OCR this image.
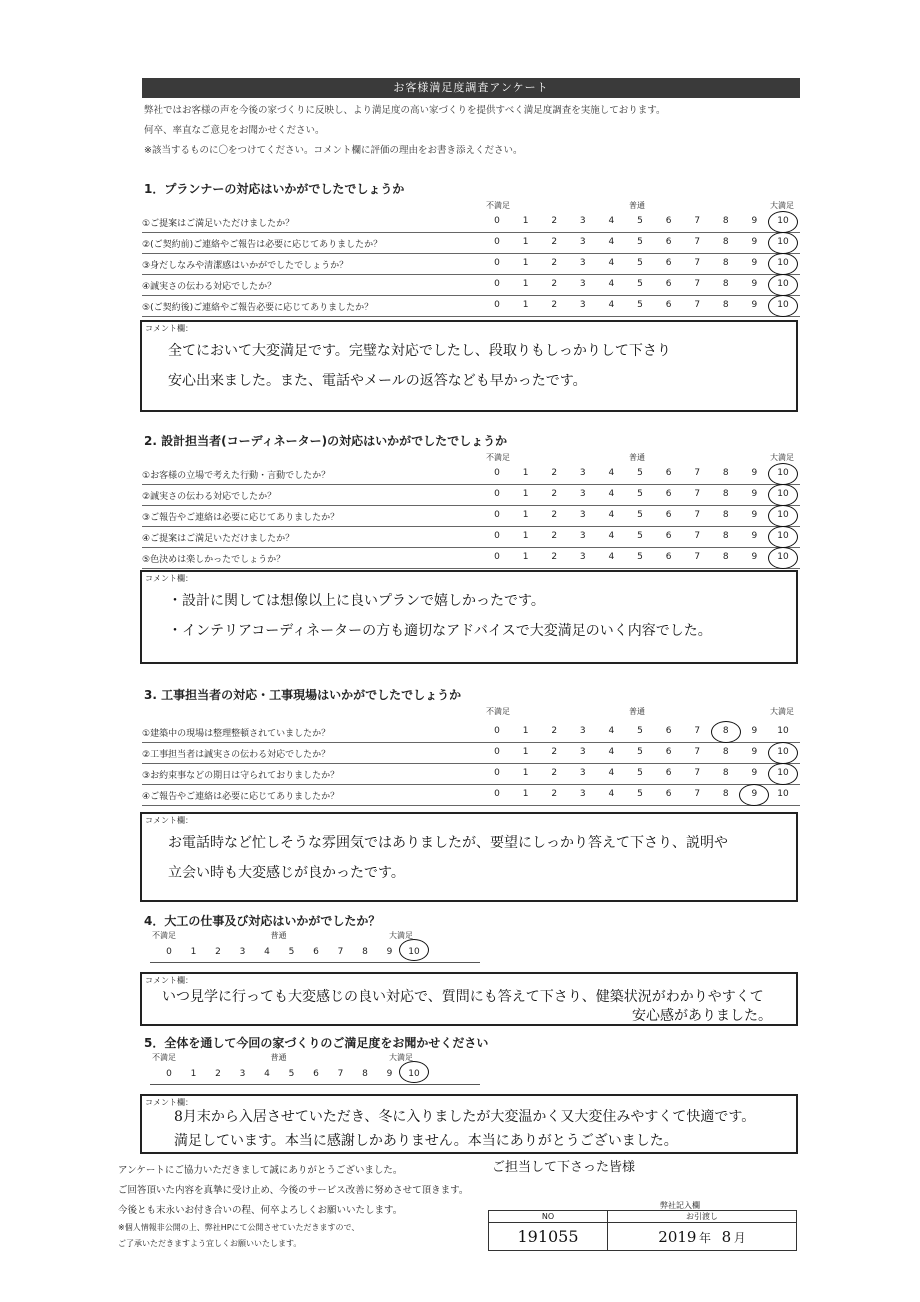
お客様満足度調査アンケート
弊社ではお客様の声を今後の家づくりに反映し、より満足度の高い家づくりを提供すべく満足度調査を実施しております。
何卒、率直なご意見をお聞かせください。
※該当するものに〇をつけてください。コメント欄に評価の理由をお書き添えください。
1．プランナーの対応はいかがでしたでしょうか
不満足	普通	大満足
①ご提案はご満足いただけましたか？	0	1	2	3	4	5	6	7	8	9	10
②(ご契約前)ご連絡やご報告は必要に応じてありましたか？	0	1	2	3	4	5	6	7	8	9	10
③身だしなみや清潔感はいかがでしたでしょうか？	0	1	2	3	4	5	6	7	8	9	10
④誠実さの伝わる対応でしたか？	0	1	2	3	4	5	6	7	8	9	10
⑤(ご契約後)ご連絡やご報告必要に応じてありましたか？	0	1	2	3	4	5	6	7	8	9	10
コメント欄：
全てにおいて大変満足です。完璧な対応でしたし、段取りもしっかりして下さり
安心出来ました。また、電話やメールの返答なども早かったです。
2. 設計担当者(コーディネーター)の対応はいかがでしたでしょうか
不満足	普通	大満足
①お客様の立場で考えた行動・言動でしたか？	0	1	2	3	4	5	6	7	8	9	10
②誠実さの伝わる対応でしたか？	0	1	2	3	4	5	6	7	8	9	10
③ご報告やご連絡は必要に応じてありましたか？	0	1	2	3	4	5	6	7	8	9	10
④ご提案はご満足いただけましたか？	0	1	2	3	4	5	6	7	8	9	10
⑤色決めは楽しかったでしょうか？	0	1	2	3	4	5	6	7	8	9	10
コメント欄：
・設計に関しては想像以上に良いプランで嬉しかったです。
・インテリアコーディネーターの方も適切なアドバイスで大変満足のいく内容でした。
3. 工事担当者の対応・工事現場はいかがでしたでしょうか
不満足	普通	大満足
①建築中の現場は整理整頓されていましたか？	0	1	2	3	4	5	6	7	8	9	10
②工事担当者は誠実さの伝わる対応でしたか？	0	1	2	3	4	5	6	7	8	9	10
③お約束事などの期日は守られておりましたか？	0	1	2	3	4	5	6	7	8	9	10
④ご報告やご連絡は必要に応じてありましたか？	0	1	2	3	4	5	6	7	8	9	10
コメント欄：
お電話時など忙しそうな雰囲気ではありましたが、要望にしっかり答えて下さり、説明や
立会い時も大変感じが良かったです。
4．大工の仕事及び対応はいかがでしたか？
不満足	普通	大満足
0	1	2	3	4	5	6	7	8	9	10
コメント欄：
いつ見学に行っても大変感じの良い対応で、質問にも答えて下さり、健築状況がわかりやすくて
安心感がありました。
5．全体を通して今回の家づくりのご満足度をお聞かせください
不満足	普通	大満足
0	1	2	3	4	5	6	7	8	9	10
コメント欄：
8月末から入居させていただき、冬に入りましたが大変温かく又大変住みやすくて快適です。
満足しています。本当に感謝しかありません。本当にありがとうございました。
ご担当して下さった皆様
アンケートにご協力いただきまして誠にありがとうございました。
ご回答頂いた内容を真摯に受け止め、今後のサービス改善に努めさせて頂きます。
今後とも末永いお付き合いの程、何卒よろしくお願いいたします。
※個人情報非公開の上、弊社HPにて公開させていただきますので、
ご了承いただきますよう宜しくお願いいたします。
弊社記入欄
NO	お引渡し
191055	2019 年 8 月
